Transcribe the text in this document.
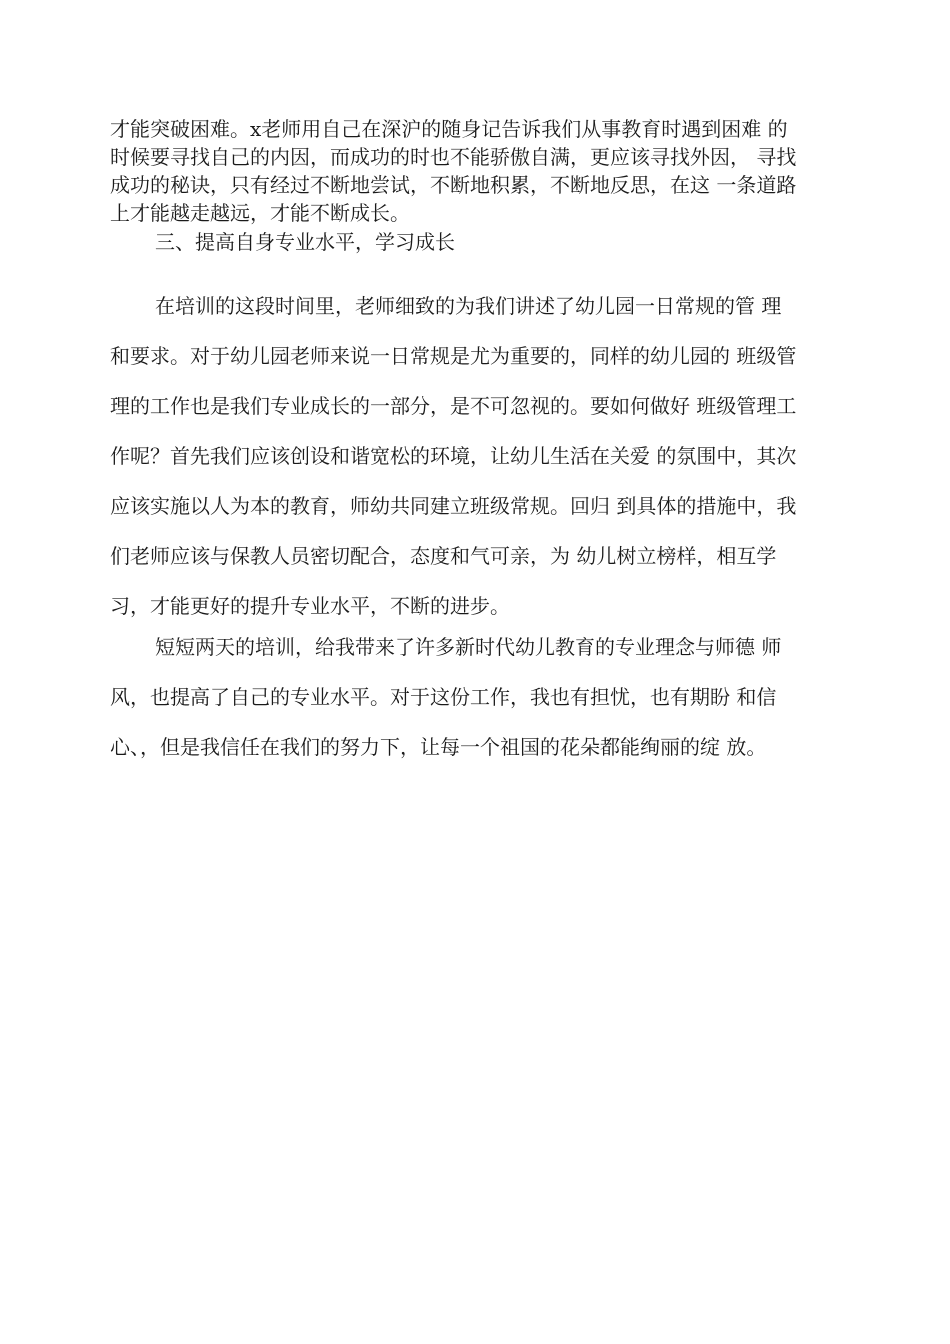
才能突破困难。x老师用自己在深沪的随身记告诉我们从事教育时遇到困难 的
时候要寻找自己的内因，而成功的时也不能骄傲自满，更应该寻找外因， 寻找
成功的秘诀，只有经过不断地尝试，不断地积累，不断地反思，在这 一条道路
上才能越走越远，才能不断成长。
三、提高自身专业水平，学习成长
在培训的这段时间里，老师细致的为我们讲述了幼儿园一日常规的管 理
和要求。对于幼儿园老师来说一日常规是尤为重要的，同样的幼儿园的 班级管
理的工作也是我们专业成长的一部分，是不可忽视的。要如何做好 班级管理工
作呢？首先我们应该创设和谐宽松的环境，让幼儿生活在关爱 的氛围中，其次
应该实施以人为本的教育，师幼共同建立班级常规。回归 到具体的措施中，我
们老师应该与保教人员密切配合，态度和气可亲，为 幼儿树立榜样，相互学
习，才能更好的提升专业水平，不断的进步。
短短两天的培训，给我带来了许多新时代幼儿教育的专业理念与师德 师
风，也提高了自己的专业水平。对于这份工作，我也有担忧，也有期盼 和信
心、，但是我信任在我们的努力下，让每一个祖国的花朵都能绚丽的绽 放。
